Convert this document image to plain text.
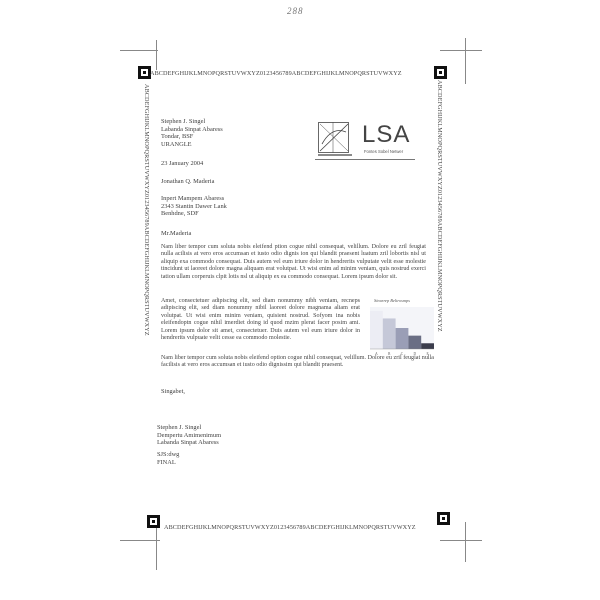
288
ABCDEFGHIJKLMNOPQRSTUVWXYZ0123456789ABCDEFGHIJKLMNOPQRSTUVWXYZ
ABCDEFGHIJKLMNOPQRSTUVWXYZ0123456789ABCDEFGHIJKLMNOPQRSTUVWXYZ
ABCDEFGHIJKLMNOPQRSTUVWXYZ0123456789ABCDEFGHIJKLMNOPQRSTUVWXYZ	ABCDEFGHIJKLMNOPQRSTUVWXYZ0123456789ABCDEFGHIJKLMNOPQRSTUVWXYZ
LSA
Fontes Sobel Netwer
Stephen J. Singel
Labanda Sinpat Abaress
Tondar, BSF
URANGLE
23 January 2004
Jonathan Q. Maderia
Inpert Mampem Abaress
2343 Stantin Dawer Lank
Benhdne, SDF
Mr.Maderia
Nam liber tempor cum soluta nobis eleifend ption cogue nihil consequat, velillum. Dolore eu zril feugiat nulla acilisis at vero eros accumsan et iusto odio dignis ion qui blandit praesent luatum zril lobortis nisl ut aliquip exa commodo consequat. Duis autem vel eum iriure dolor in hendrerits vulputate velit esse molestie tincidunt ut laoreet dolore magna aliquam erat volutpat. Ut wisi enim ad minim veniam, quis nostrud exerci tation ullam corperuis clpit lotis nsl ut aliquip ex ea commodo consequat. Lorem ipsum dolor sit.
Amet, consectetuer adipiscing elit, sed diam nonummy nibh veniam, recneps adipiscing elit, sed diam nonummy nibil laoreet dolore magnama aliam erat volutpat. Ut wisi enim minim veniam, quisient nostrud. Sofyom ina nobis eleifendoptn cogue nihil imerdiet doing id quod mzim plerat facer posim ami. Lorem ipsum dolor sit amet, consectetuer. Duis autem vel eum iriure dolor in hendrerits vulpuate velit cesse ea commodo molestie.
Sinurrep Beltrosmps
A	B	C	D	E
Nam liber tempor cum soluta nobis eleifend option cogue nihil consequat, velillum. Dolore eu zril feugiat nulla facilisis at vero eros accumsan et iusto odio dignissim qui blandit praesent.
Singabet,
Stephen J. Singel
Dempertu Amimenimum
Labanda Sinpat Abaress
SJS:dwg
FINAL
